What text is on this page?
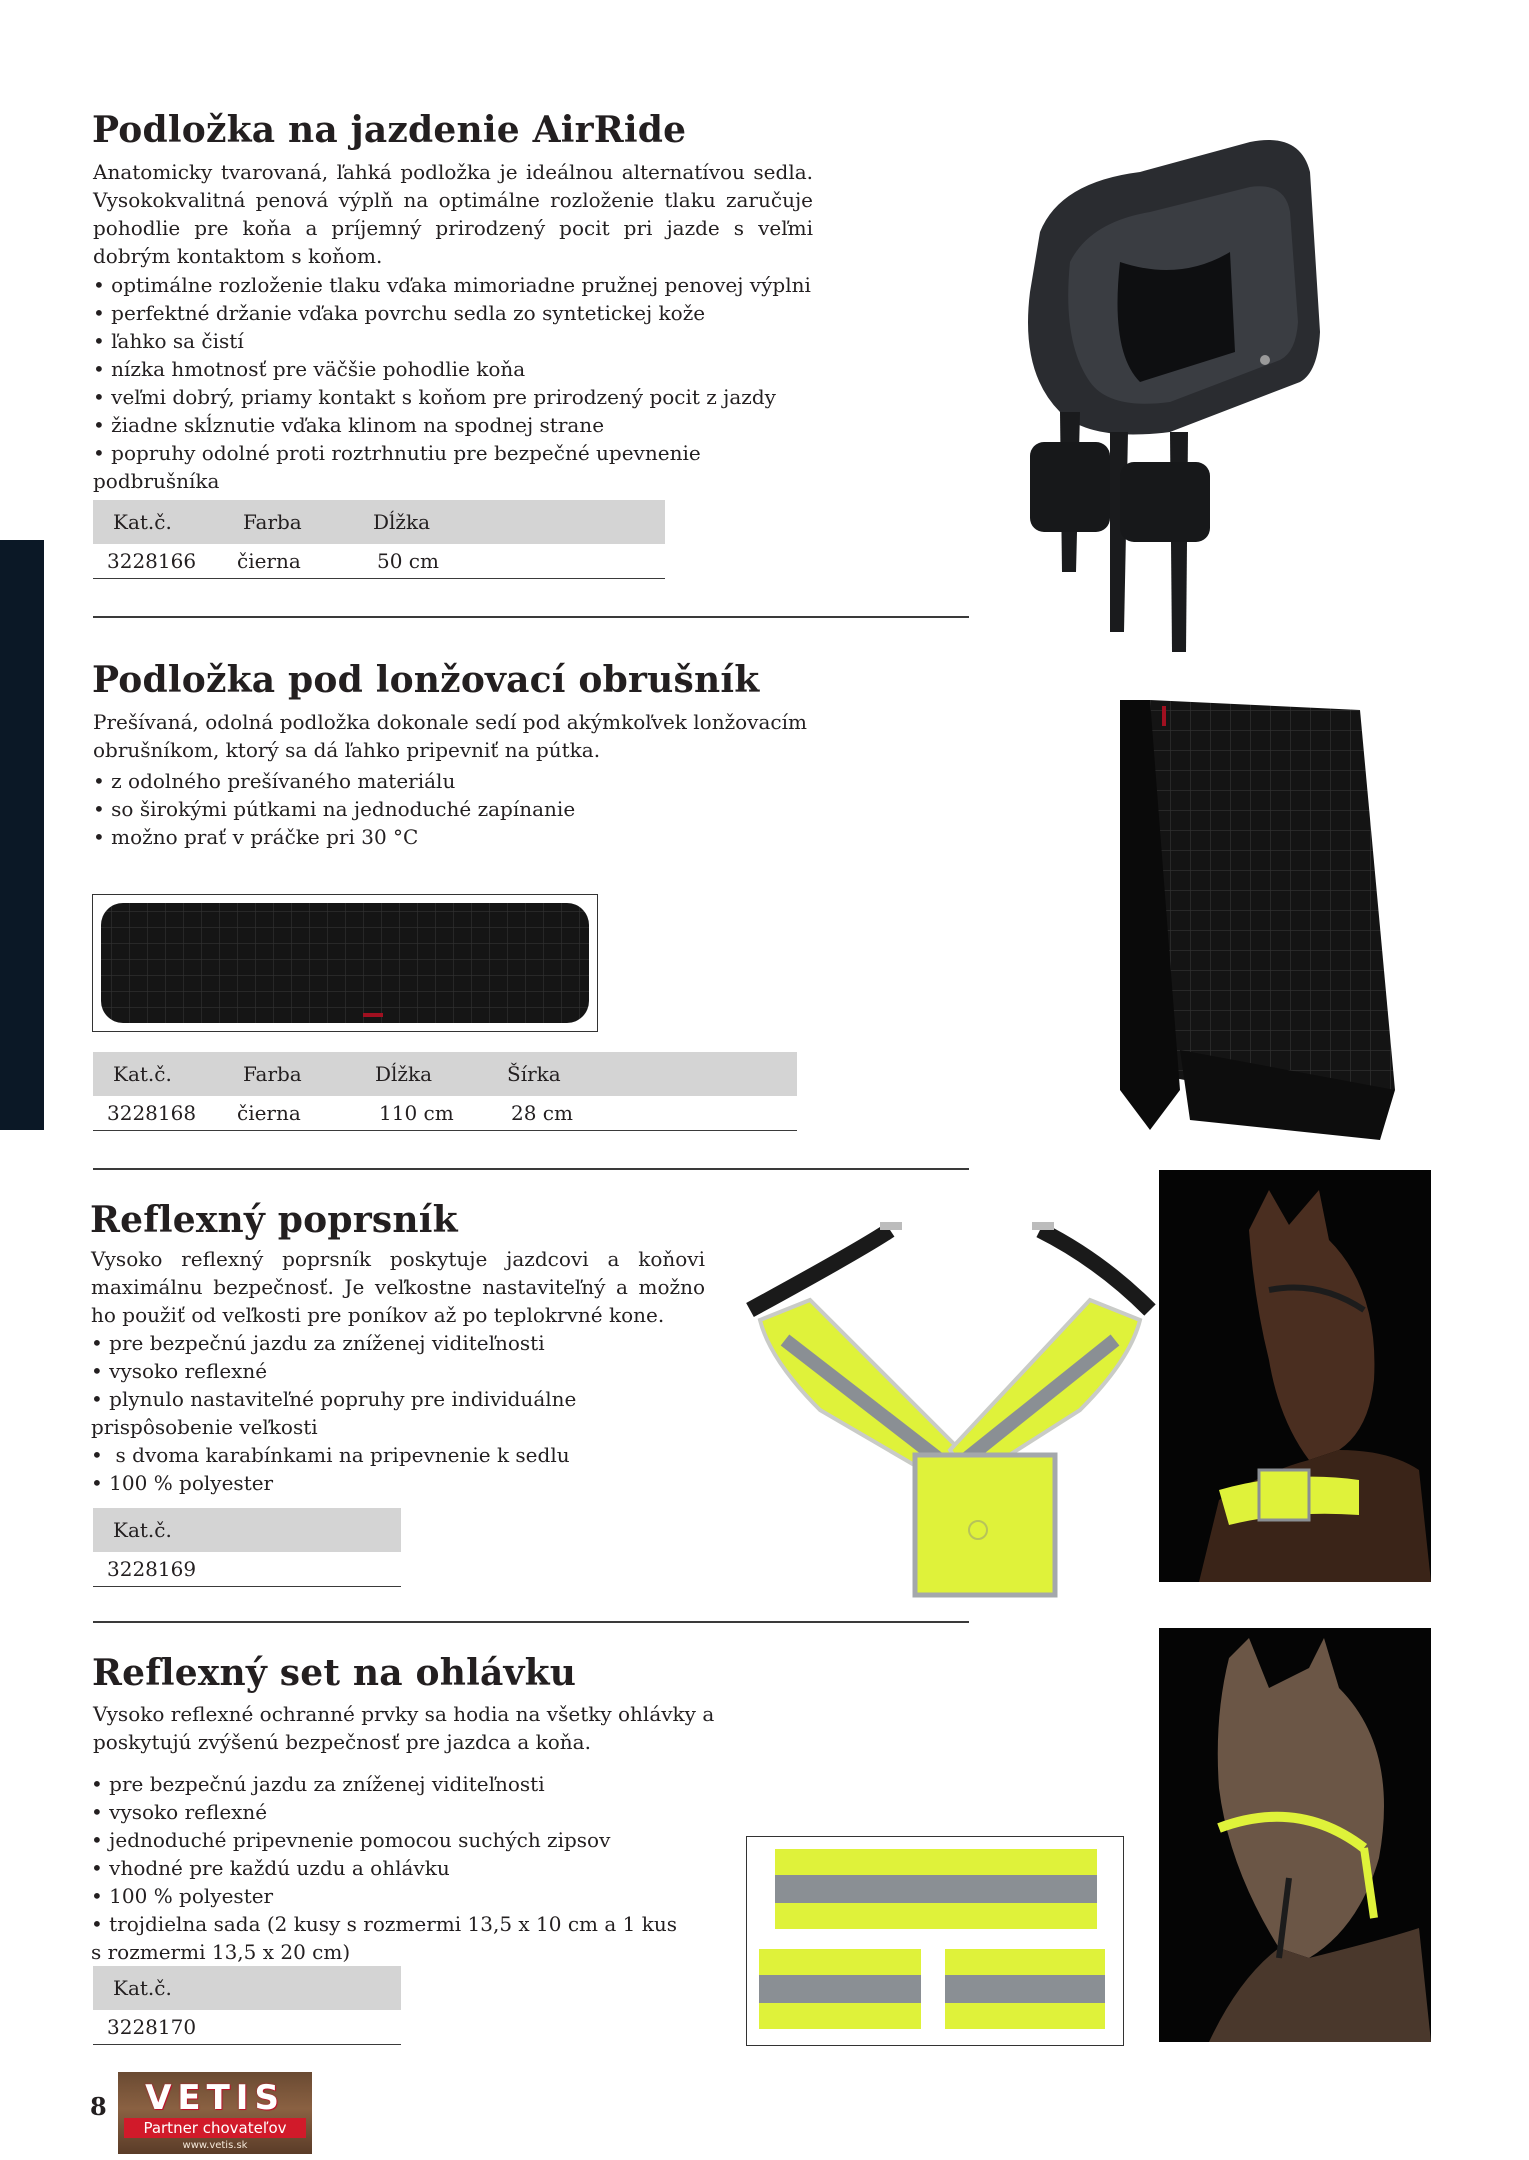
Podložka na jazdenie AirRide

Anatomicky tvarovaná, ľahká podložka je ideálnou alternatívou sedla. Vysokokvalitná penová výplň na optimálne rozloženie tlaku zaručuje pohodlie pre koňa a príjemný prirodzený pocit pri jazde s veľmi dobrým kontaktom s koňom.

• optimálne rozloženie tlaku vďaka mimoriadne pružnej penovej výplni
• perfektné držanie vďaka povrchu sedla zo syntetickej kože
• ľahko sa čistí
• nízka hmotnosť pre väčšie pohodlie koňa
• veľmi dobrý, priamy kontakt s koňom pre prirodzený pocit z jazdy
• žiadne skĺznutie vďaka klinom na spodnej strane
• popruhy odolné proti roztrhnutiu pre bezpečné upevnenie podbrušníka
Kat.č.	Farba	Dĺžka
3228166	čierna	50 cm
Podložka pod lonžovací obrušník

Prešívaná, odolná podložka dokonale sedí pod akýmkoľvek lonžovacím

obrušníkom, ktorý sa dá ľahko pripevniť na pútka.

• z odolného prešívaného materiálu
• so širokými pútkami na jednoduché zapínanie
• možno prať v práčke pri 30 °C
Kat.č.	Farba	Dĺžka	Šírka
3228168	čierna	110 cm	28 cm
Reflexný poprsník

Vysoko reflexný poprsník poskytuje jazdcovi a koňovi maximálnu bezpečnosť. Je veľkostne nastaviteľný a možno ho použiť od veľkosti pre poníkov až po teplokrvné kone.

• pre bezpečnú jazdu za zníženej viditeľnosti
• vysoko reflexné
• plynulo nastaviteľné popruhy pre individuálne prispôsobenie veľkosti
•  s dvoma karabínkami na pripevnenie k sedlu
• 100 % polyester
Kat.č.
3228169
Reflexný set na ohlávku

Vysoko reflexné ochranné prvky sa hodia na všetky ohlávky a

poskytujú zvýšenú bezpečnosť pre jazdca a koňa.

• pre bezpečnú jazdu za zníženej viditeľnosti
• vysoko reflexné
• jednoduché pripevnenie pomocou suchých zipsov
• vhodné pre každú uzdu a ohlávku
• 100 % polyester
• trojdielna sada (2 kusy s rozmermi 13,5 x 10 cm a 1 kus s rozmermi 13,5 x 20 cm)
Kat.č.
3228170
8	VETIS
Partner chovateľov
www.vetis.sk
